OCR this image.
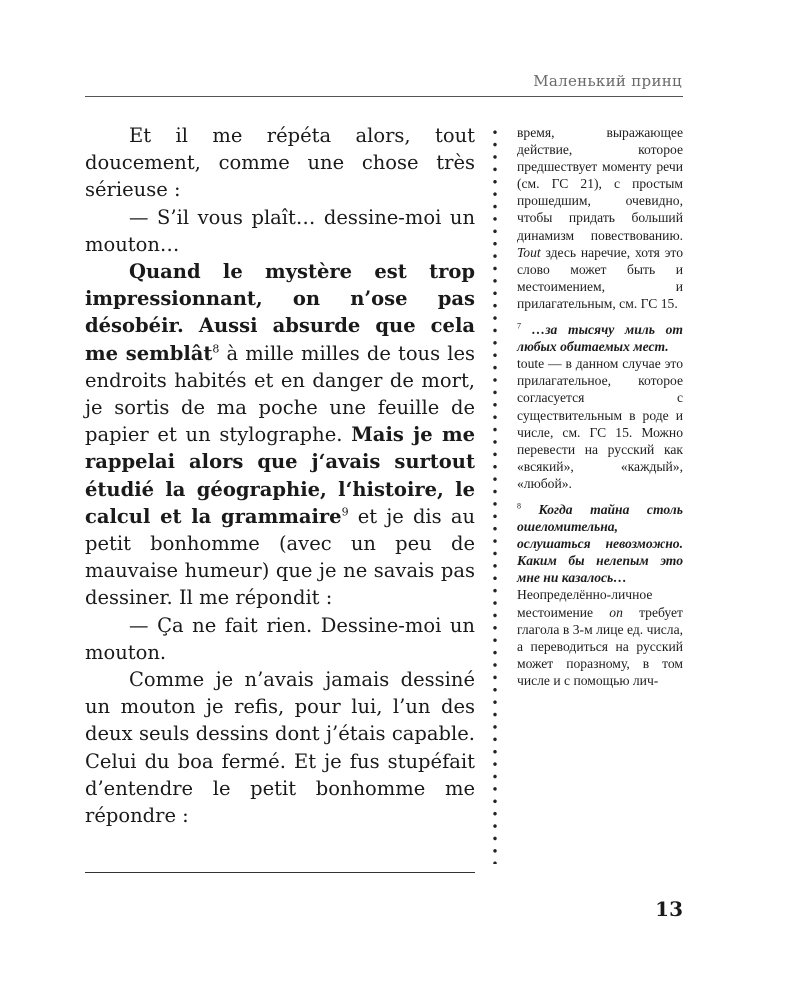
Маленький принц

Et il me répéta alors, tout doucement, comme une chose très sérieuse :

— S’il vous plaît… dessine-moi un mouton…

Quand le mystère est trop impressionnant, on n’ose pas désobéir. Aussi absurde que cela me semblât$^8$ à mille milles de tous les endroits habités et en danger de mort, je sortis de ma poche une feuille de papier et un stylographe. Mais je me rappelai alors que j‘avais surtout étudié la géographie, l‘histoire, le calcul et la grammaire$^9$ et je dis au petit bonhomme (avec un peu de mauvaise humeur) que je ne savais pas dessiner. Il me répondit :

— Ça ne fait rien. Dessine-moi un mouton.

Comme je n’avais jamais dessiné un mouton je refis, pour lui, l’un des deux seuls dessins dont j’étais capable. Celui du boa fermé. Et je fus stupéfait d’entendre le petit bonhomme me répondre :

время, выражающее действие, которое предшествует моменту речи (см. ГС 21), с простым прошедшим, очевидно, чтобы придать больший динамизм повествованию. Tout здесь наречие, хотя это слово может быть и местоимением, и прилагательным, см. ГС 15.

$^7$ …за тысячу миль от любых обитаемых мест.

toute — в данном случае это прилагательное, которое согласуется с существительным в роде и числе, см. ГС 15. Можно перевести на русский как «всякий», «каждый», «любой».

$^8$ Когда тайна столь ошеломительна, ослушаться невозможно. Каким бы нелепым это мне ни казалось…

Неопределённо-личное местоимение on требует глагола в 3-м лице ед. числа, а переводиться на русский может поразному, в том числе и с помощью лич-

13
